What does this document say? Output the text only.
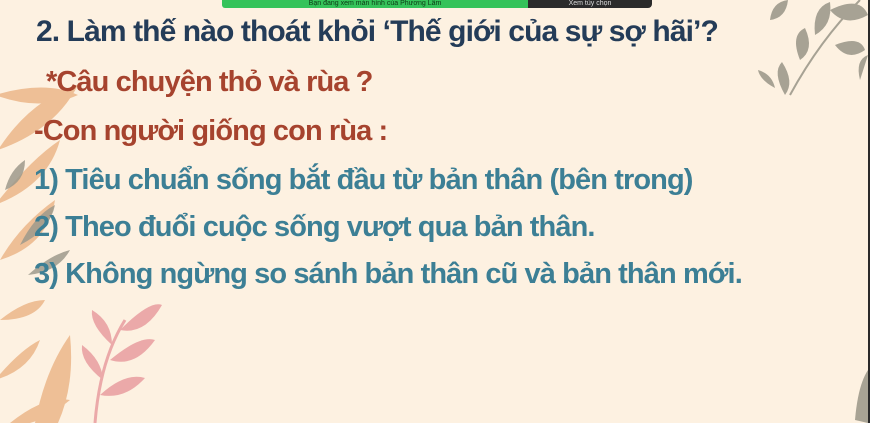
2. Làm thế nào thoát khỏi ‘Thế giới của sự sợ hãi’?
*Câu chuyện thỏ và rùa ?
-Con người giống con rùa :
1) Tiêu chuẩn sống bắt đầu từ bản thân (bên trong)
2) Theo đuổi cuộc sống vượt qua bản thân.
3) Không ngừng so sánh bản thân cũ và bản thân mới.
Bạn đang xem màn hình của Phương Lâm	Xem tùy chọn
